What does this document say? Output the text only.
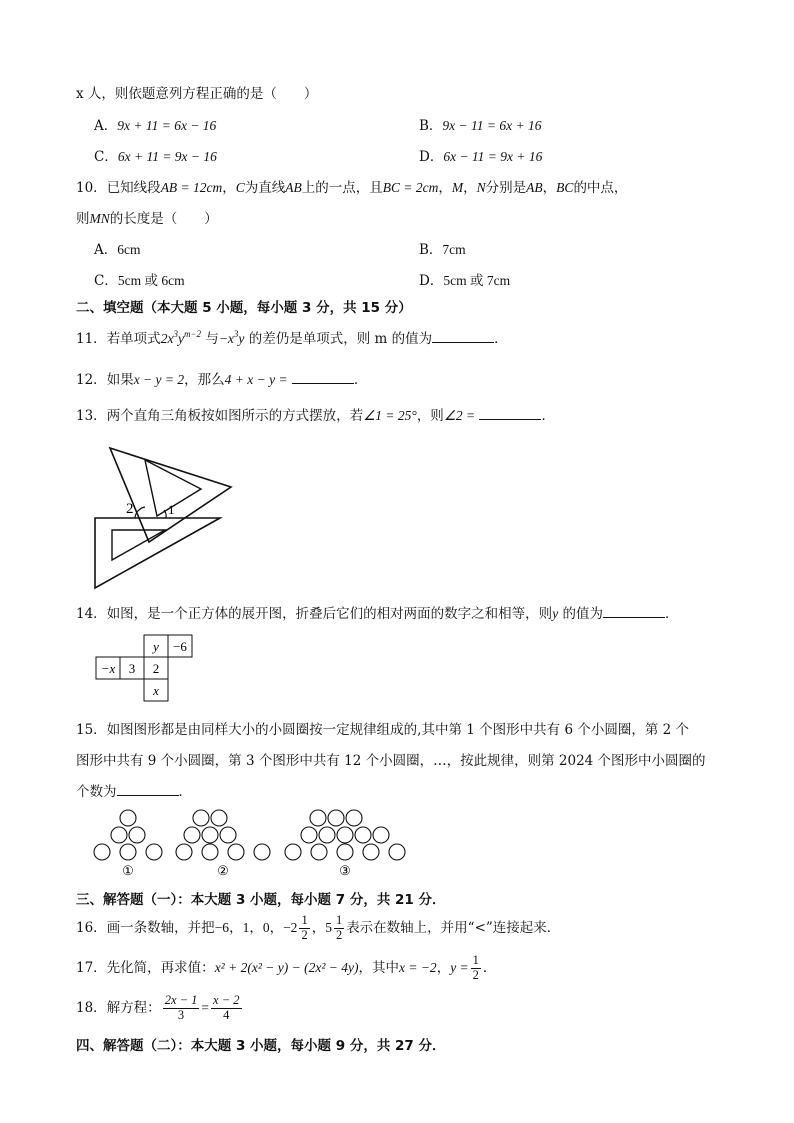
x 人，则依题意列方程正确的是（　　）
A．9x + 11 = 6x − 16	B．9x − 11 = 6x + 16
C．6x + 11 = 9x − 16	D．6x − 11 = 9x + 16
10．已知线段AB = 12cm，C为直线AB上的一点，且BC = 2cm，M，N分别是AB，BC的中点，
则MN的长度是（　　）
A．6cm	B．7cm
C．5cm 或 6cm	D．5cm 或 7cm
二、填空题（本大题 5 小题，每小题 3 分，共 15 分）
11．若单项式$2x^3y^{m-2}$ 与$-x^3y$ 的差仍是单项式，则 m 的值为	．
12．如果x − y = 2，那么4 + x − y =	．
13．两个直角三角板按如图所示的方式摆放，若∠1 = 25°，则∠2 =	．
2	1
14．如图，是一个正方体的展开图，折叠后它们的相对两面的数字之和相等，则y 的值为	．
y −6
−x 3 2
x
15．如图图形都是由同样大小的小圆圈按一定规律组成的,其中第 1 个图形中共有 6 个小圆圈，第 2 个
图形中共有 9 个小圆圈，第 3 个图形中共有 12 个小圆圈，…，按此规律，则第 2024 个图形中小圆圈的
个数为	．
①	②	③
三、解答题（一）：本大题 3 小题，每小题 7 分，共 21 分．
16．画一条数轴，并把−6，1，0，$-2 \frac{1}{2}$ ，$5 \frac{1}{2}$ 表示在数轴上，并用“<”连接起来．
17．先化简，再求值：x² + 2(x² − y) − (2x² − 4y)，其中x = −2，$y = \frac{1}{2}$ ．
18．解方程： $\frac{2x - 1}{3} = \frac{x - 2}{4}$
四、解答题（二）：本大题 3 小题，每小题 9 分，共 27 分．
